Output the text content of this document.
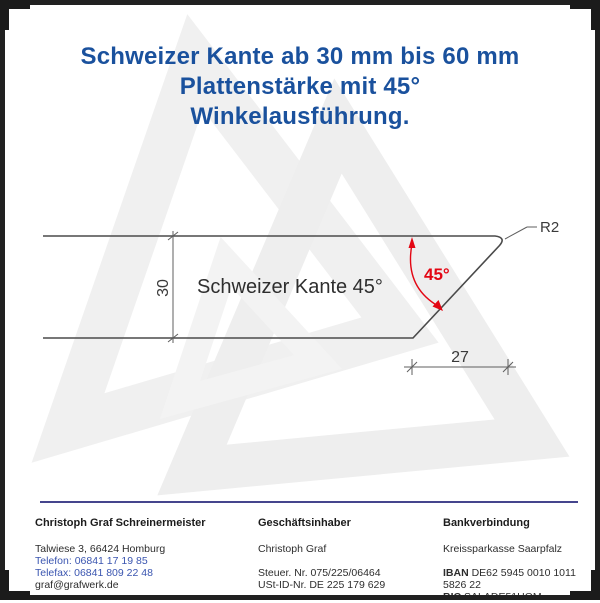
Schweizer Kante ab 30 mm bis 60 mm
Plattenstärke mit 45°
Winkelausführung.
30 Schweizer Kante 45°
27
R2
45°
Christoph Graf Schreinermeister
Talwiese 3, 66424 Homburg
Telefon: 06841 17 19 85
Telefax: 06841 809 22 48
graf@grafwerk.de
Geschäftsinhaber
Christoph Graf
Steuer. Nr. 075/225/06464
USt-ID-Nr. DE 225 179 629
Bankverbindung
Kreissparkasse Saarpfalz
IBAN DE62 5945 0010 1011 5826 22
BIC SALADE51HOM
